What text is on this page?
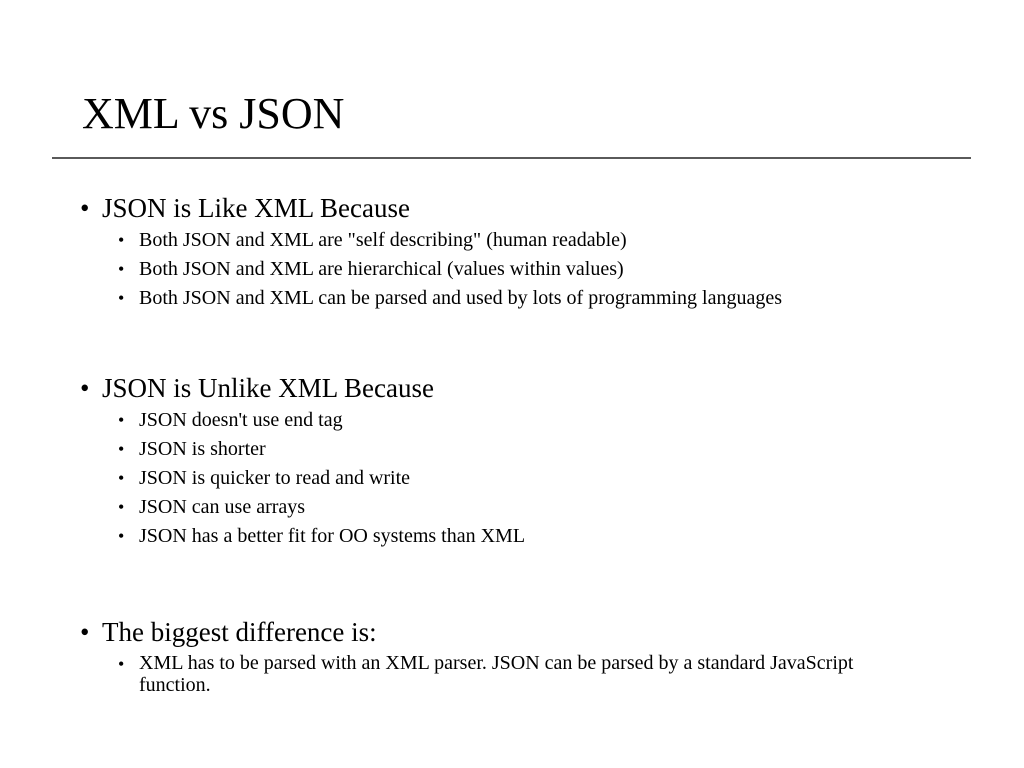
XML vs JSON
• JSON is Like XML Because
• Both JSON and XML are "self describing" (human readable)
• Both JSON and XML are hierarchical (values within values)
• Both JSON and XML can be parsed and used by lots of programming languages
• JSON is Unlike XML Because
• JSON doesn't use end tag
• JSON is shorter
• JSON is quicker to read and write
• JSON can use arrays
• JSON has a better fit for OO systems than XML
• The biggest difference is:
• XML has to be parsed with an XML parser. JSON can be parsed by a standard JavaScript function.
